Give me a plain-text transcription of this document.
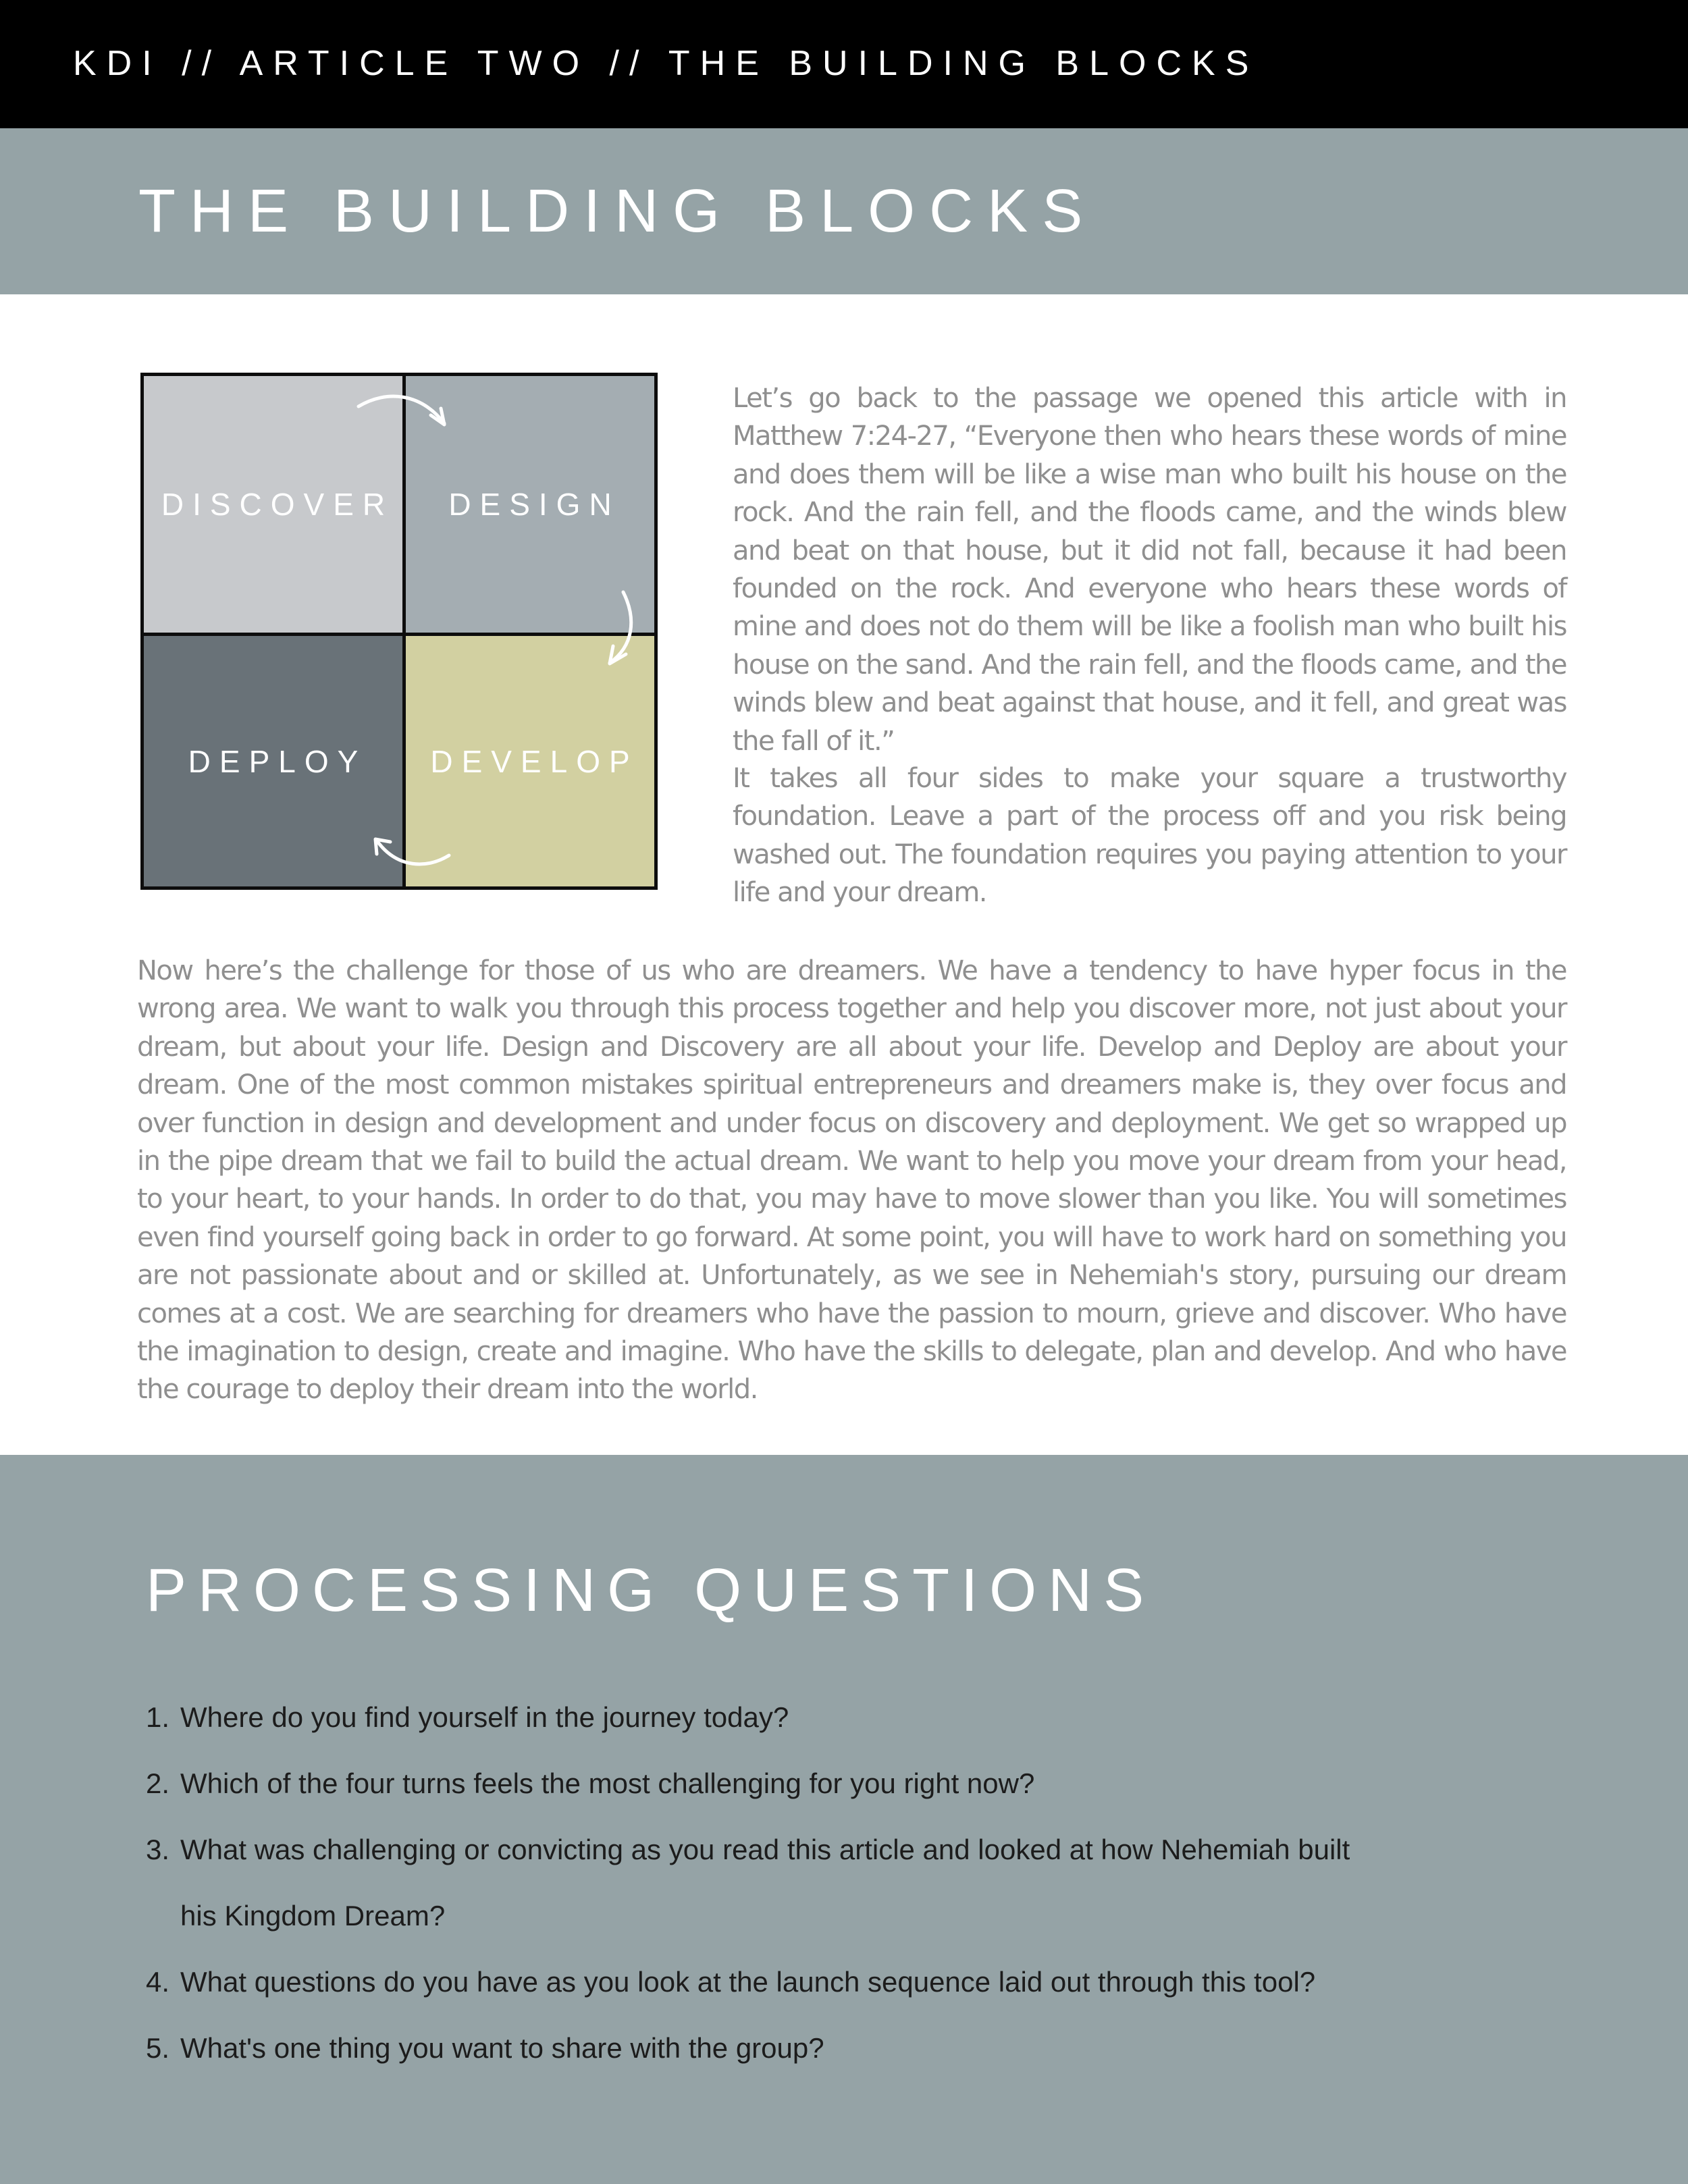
KDI // ARTICLE TWO // THE BUILDING BLOCKS
THE BUILDING BLOCKS
DISCOVER	DESIGN
DEPLOY	DEVELOP

Let’s go back to the passage we opened this article with in Matthew 7:24-27, “Everyone then who hears these words of mine and does them will be like a wise man who built his house on the rock. And the rain fell, and the floods came, and the winds blew and beat on that house, but it did not fall, because it had been founded on the rock. And everyone who hears these words of mine and does not do them will be like a foolish man who built his house on the sand. And the rain fell, and the floods came, and the winds blew and beat against that house, and it fell, and great was the fall of it.”

It takes all four sides to make your square a trustworthy foundation. Leave a part of the process off and you risk being washed out. The foundation requires you paying attention to your life and your dream.

Now here’s the challenge for those of us who are dreamers. We have a tendency to have hyper focus in the wrong area. We want to walk you through this process together and help you discover more, not just about your dream, but about your life. Design and Discovery are all about your life. Develop and Deploy are about your dream. One of the most common mistakes spiritual entrepreneurs and dreamers make is, they over focus and over function in design and development and under focus on discovery and deployment. We get so wrapped up in the pipe dream that we fail to build the actual dream. We want to help you move your dream from your head, to your heart, to your hands. In order to do that, you may have to move slower than you like. You will sometimes even find yourself going back in order to go forward. At some point, you will have to work hard on something you are not passionate about and or skilled at. Unfortunately, as we see in Nehemiah's story, pursuing our dream comes at a cost. We are searching for dreamers who have the passion to mourn, grieve and discover. Who have the imagination to design, create and imagine. Who have the skills to delegate, plan and develop. And who have the courage to deploy their dream into the world.

PROCESSING QUESTIONS
1. Where do you find yourself in the journey today?
2. Which of the four turns feels the most challenging for you right now?
3. What was challenging or convicting as you read this article and looked at how Nehemiah built his Kingdom Dream?
4. What questions do you have as you look at the launch sequence laid out through this tool?
5. What's one thing you want to share with the group?
